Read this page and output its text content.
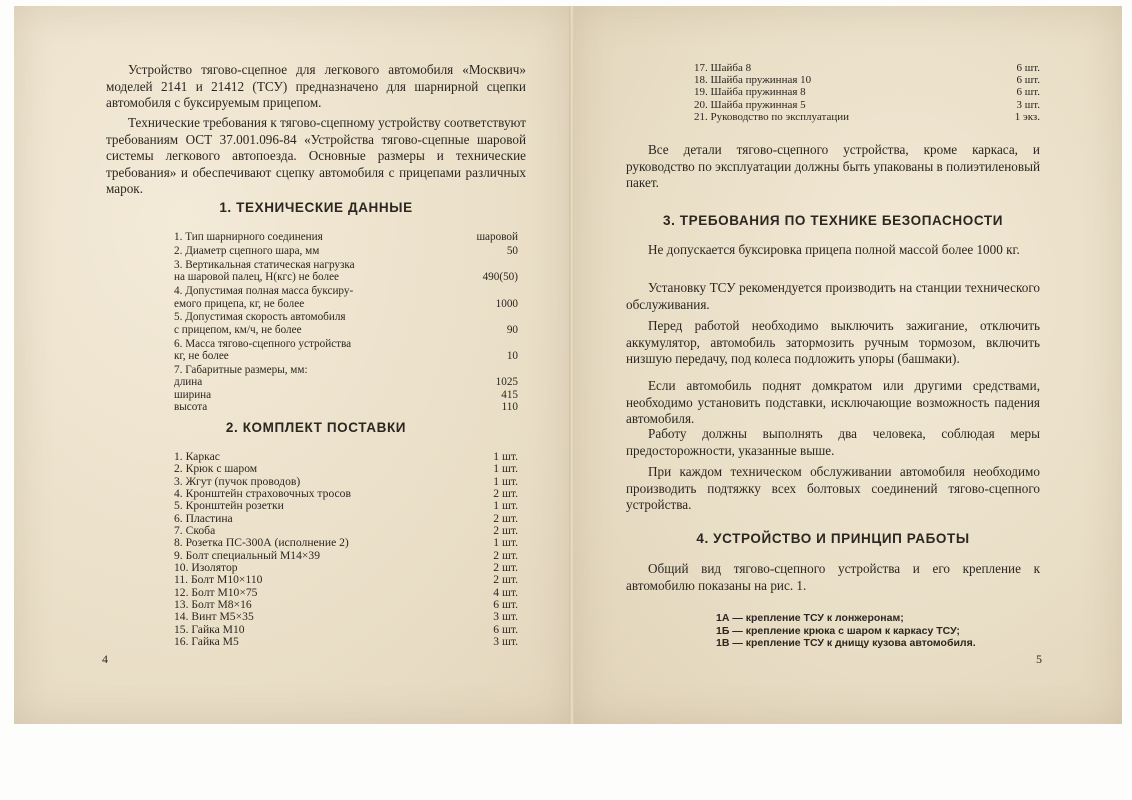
Устройство тягово-сцепное для легкового автомобиля «Москвич» моделей 2141 и 21412 (ТСУ) предназначено для шарнирной сцепки автомобиля с буксируемым прицепом.

Технические требования к тягово-сцепному устройству соответствуют требованиям ОСТ 37.001.096-84 «Устройства тягово-сцепные шаровой системы легкового автопоезда. Основные размеры и технические требования» и обеспечивают сцепку автомобиля с прицепами различных марок.

1. ТЕХНИЧЕСКИЕ ДАННЫЕ
1. Тип шарнирного соединения	шаровой
2. Диаметр сцепного шара, мм	50
3. Вертикальная статическая нагрузка
на шаровой палец, Н(кгс) не более	490(50)
4. Допустимая полная масса буксиру-
емого прицепа, кг, не более	1000
5. Допустимая скорость автомобиля
с прицепом, км/ч, не более	90
6. Масса тягово-сцепного устройства
кг, не более	10
7. Габаритные размеры, мм:
длина	1025
ширина	415
высота	110
2. КОМПЛЕКТ ПОСТАВКИ
1. Каркас	1 шт.
2. Крюк с шаром	1 шт.
3. Жгут (пучок проводов)	1 шт.
4. Кронштейн страховочных тросов	2 шт.
5. Кронштейн розетки	1 шт.
6. Пластина	2 шт.
7. Скоба	2 шт.
8. Розетка ПС-300А (исполнение 2)	1 шт.
9. Болт специальный М14×39	2 шт.
10. Изолятор	2 шт.
11. Болт М10×110	2 шт.
12. Болт М10×75	4 шт.
13. Болт М8×16	6 шт.
14. Винт М5×35	3 шт.
15. Гайка М10	6 шт.
16. Гайка М5	3 шт.
4
17. Шайба 8	6 шт.
18. Шайба пружинная 10	6 шт.
19. Шайба пружинная 8	6 шт.
20. Шайба пружинная 5	3 шт.
21. Руководство по эксплуатации	1 экз.

Все детали тягово-сцепного устройства, кроме каркаса, и руководство по эксплуатации должны быть упакованы в полиэтиленовый пакет.

3. ТРЕБОВАНИЯ ПО ТЕХНИКЕ БЕЗОПАСНОСТИ

Не допускается буксировка прицепа полной массой более 1000 кг.

Установку ТСУ рекомендуется производить на станции технического обслуживания.

Перед работой необходимо выключить зажигание, отключить аккумулятор, автомобиль затормозить ручным тормозом, включить низшую передачу, под колеса подложить упоры (башмаки).

Если автомобиль поднят домкратом или другими средствами, необходимо установить подставки, исключающие возможность падения автомобиля.

Работу должны выполнять два человека, соблюдая меры предосторожности, указанные выше.

При каждом техническом обслуживании автомобиля необходимо производить подтяжку всех болтовых соединений тягово-сцепного устройства.

4. УСТРОЙСТВО И ПРИНЦИП РАБОТЫ

Общий вид тягово-сцепного устройства и его крепление к автомобилю показаны на рис. 1.

1А — крепление ТСУ к лонжеронам;
1Б — крепление крюка с шаром к каркасу ТСУ;
1В — крепление ТСУ к днищу кузова автомобиля.
5
